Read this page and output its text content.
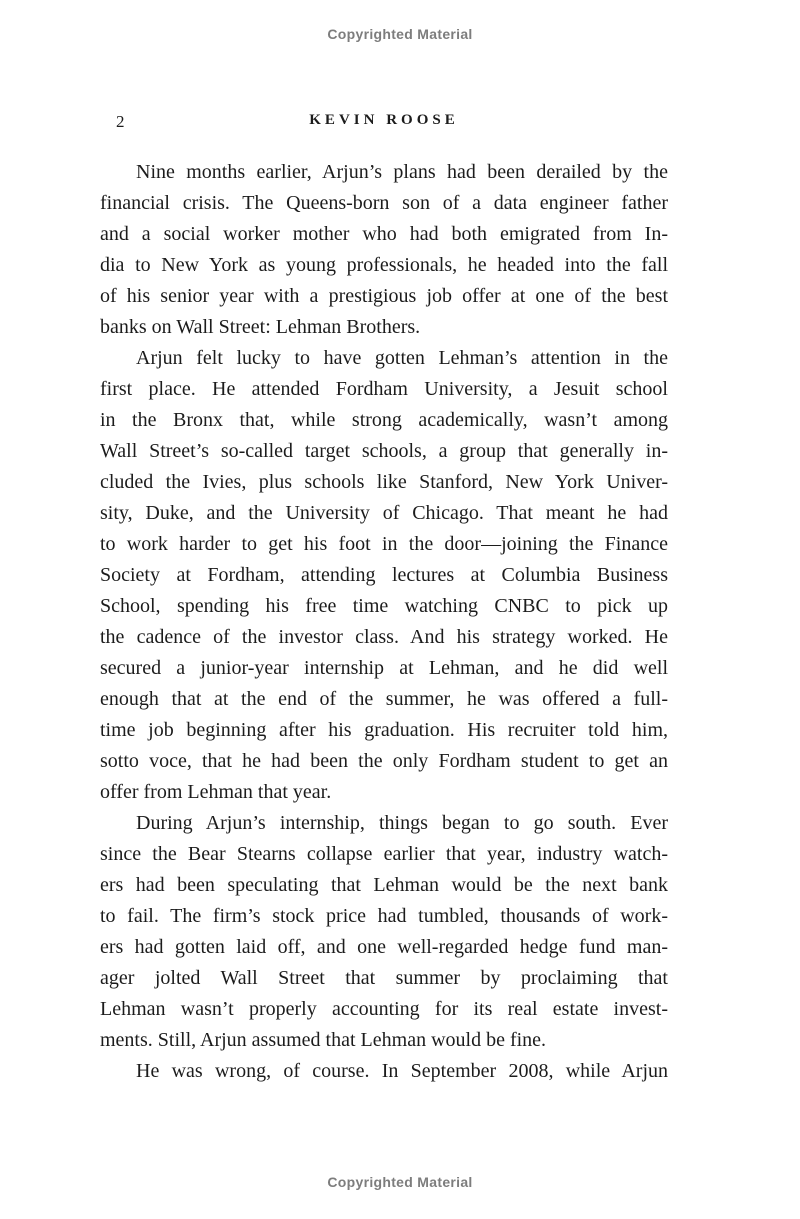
Copyrighted Material
2	KEVIN ROOSE
Nine months earlier, Arjun’s plans had been derailed by the
financial crisis. The Queens-born son of a data engineer father
and a social worker mother who had both emigrated from In-
dia to New York as young professionals, he headed into the fall
of his senior year with a prestigious job offer at one of the best
banks on Wall Street: Lehman Brothers.
Arjun felt lucky to have gotten Lehman’s attention in the
first place. He attended Fordham University, a Jesuit school
in the Bronx that, while strong academically, wasn’t among
Wall Street’s so-called target schools, a group that generally in-
cluded the Ivies, plus schools like Stanford, New York Univer-
sity, Duke, and the University of Chicago. That meant he had
to work harder to get his foot in the door—joining the Finance
Society at Fordham, attending lectures at Columbia Business
School, spending his free time watching CNBC to pick up
the cadence of the investor class. And his strategy worked. He
secured a junior-year internship at Lehman, and he did well
enough that at the end of the summer, he was offered a full-
time job beginning after his graduation. His recruiter told him,
sotto voce, that he had been the only Fordham student to get an
offer from Lehman that year.
During Arjun’s internship, things began to go south. Ever
since the Bear Stearns collapse earlier that year, industry watch-
ers had been speculating that Lehman would be the next bank
to fail. The firm’s stock price had tumbled, thousands of work-
ers had gotten laid off, and one well-regarded hedge fund man-
ager jolted Wall Street that summer by proclaiming that
Lehman wasn’t properly accounting for its real estate invest-
ments. Still, Arjun assumed that Lehman would be fine.
He was wrong, of course. In September 2008, while Arjun
Copyrighted Material
